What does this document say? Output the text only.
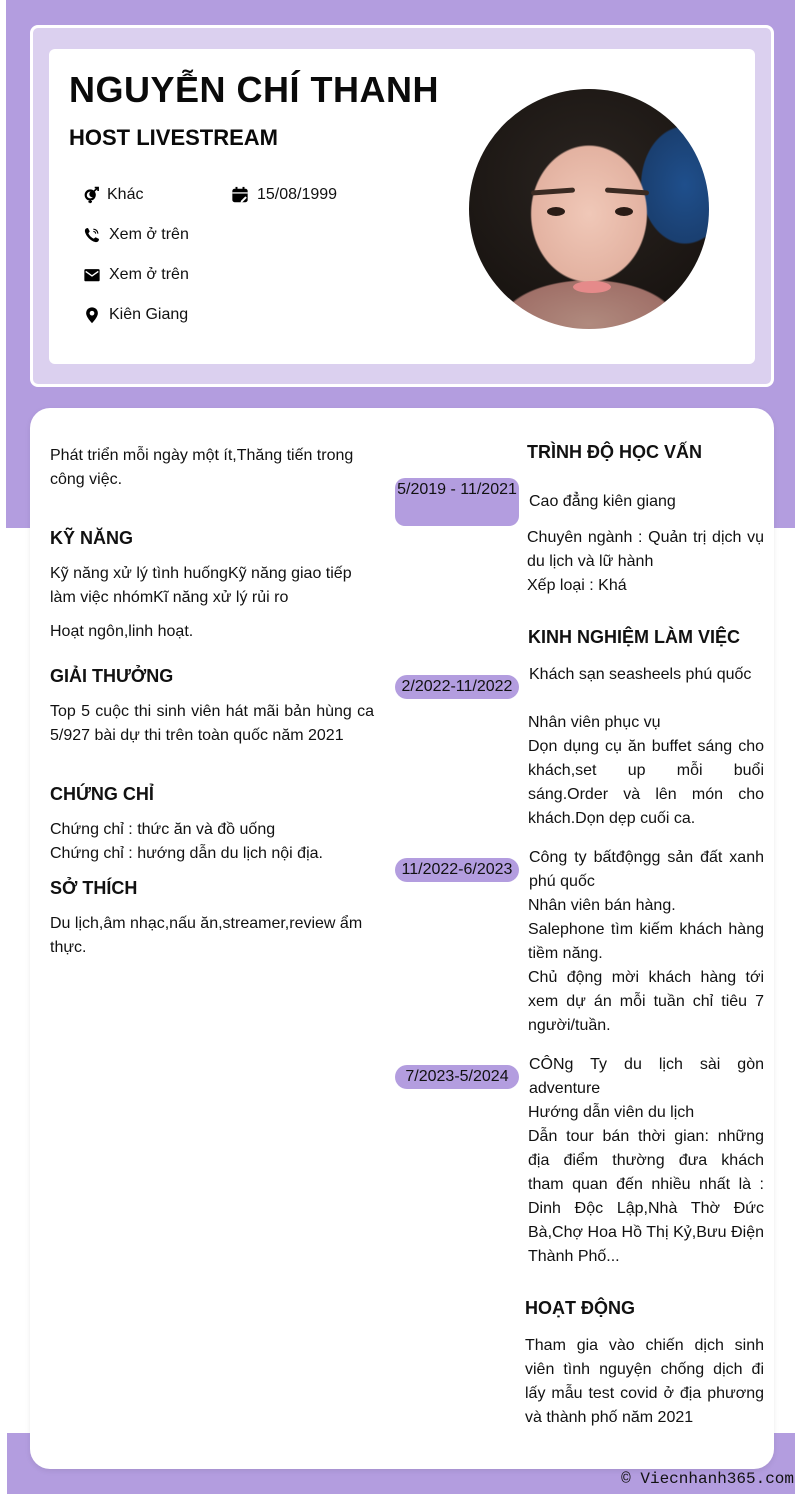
NGUYỄN CHÍ THANH
HOST LIVESTREAM
Khác	15/08/1999
Xem ở trên
Xem ở trên
Kiên Giang
Phát triển mỗi ngày một ít,Thăng tiến trong công việc.
KỸ NĂNG
Kỹ năng xử lý tình huốngKỹ năng giao tiếp làm việc nhómKĩ năng xử lý rủi ro
Hoạt ngôn,linh hoạt.
GIẢI THƯỞNG
Top 5 cuộc thi sinh viên hát mãi bản hùng ca 5/927 bài dự thi trên toàn quốc năm 2021
CHỨNG CHỈ
Chứng chỉ : thức ăn và đồ uống
Chứng chỉ : hướng dẫn du lịch nội địa.
SỞ THÍCH
Du lịch,âm nhạc,nấu ăn,streamer,review ẩm thực.
TRÌNH ĐỘ HỌC VẤN
5/2019 - 11/2021
Cao đẳng kiên giang
Chuyên ngành : Quản trị dịch vụ du lịch và lữ hành
Xếp loại : Khá
KINH NGHIỆM LÀM VIỆC
2/2022-11/2022
Khách sạn seasheels phú quốc
Nhân viên phục vụ
Dọn dụng cụ ăn buffet sáng cho khách,set up mỗi buổi sáng.Order và lên món cho khách.Dọn dẹp cuối ca.
11/2022-6/2023
Công ty bấtđộngg sản đất xanh phú quốc
Nhân viên bán hàng.
Salephone tìm kiếm khách hàng tiềm năng.
Chủ động mời khách hàng tới xem dự án mỗi tuần chỉ tiêu 7 người/tuần.
7/2023-5/2024
CÔNg Ty du lịch sài gòn adventure
Hướng dẫn viên du lịch
Dẫn tour bán thời gian: những địa điểm thường đưa khách tham quan đến nhiều nhất là : Dinh Độc Lập,Nhà Thờ Đức Bà,Chợ Hoa Hồ Thị Kỷ,Bưu Điện Thành Phố...
HOẠT ĐỘNG
Tham gia vào chiến dịch sinh viên tình nguyện chống dịch đi lấy mẫu test covid ở địa phương và thành phố năm 2021
© Viecnhanh365.com
